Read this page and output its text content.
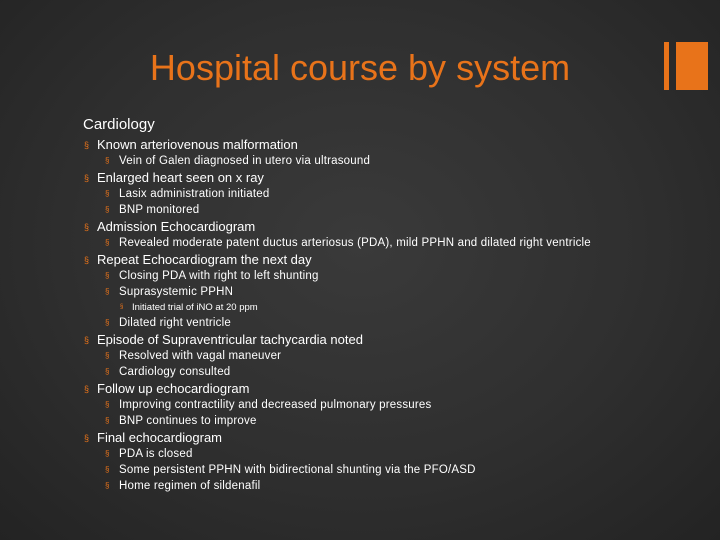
Hospital course by system
Cardiology
§ Known arteriovenous malformation
§ Vein of Galen diagnosed in utero via ultrasound
§ Enlarged heart seen on x ray
§ Lasix administration initiated
§ BNP monitored
§ Admission Echocardiogram
§ Revealed moderate patent ductus arteriosus (PDA), mild PPHN and dilated right ventricle
§ Repeat Echocardiogram the next day
§ Closing PDA with right to left shunting
§ Suprasystemic PPHN
§ Initiated trial of iNO at 20 ppm
§ Dilated right ventricle
§ Episode of Supraventricular tachycardia noted
§ Resolved with vagal maneuver
§ Cardiology consulted
§ Follow up echocardiogram
§ Improving contractility and decreased pulmonary pressures
§ BNP continues to improve
§ Final echocardiogram
§ PDA is closed
§ Some persistent PPHN with bidirectional shunting via the PFO/ASD
§ Home regimen of sildenafil
